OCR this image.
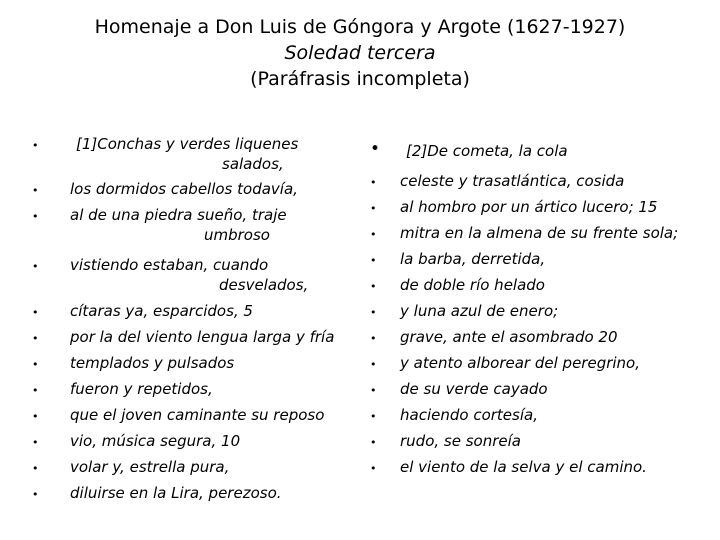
Homenaje a Don Luis de Góngora y Argote (1627-1927)
Soledad tercera
(Paráfrasis incompleta)
•	[1]Conchas y verdes liquenes
salados,
• los dormidos cabellos todavía,
• al de una piedra sueño, traje
umbroso
• vistiendo estaban, cuando
desvelados,
• cítaras ya, esparcidos, 5
• por la del viento lengua larga y fría
• templados y pulsados
• fueron y repetidos,
• que el joven caminante su reposo
• vio, música segura, 10
• volar y, estrella pura,
• diluirse en la Lira, perezoso.
• [2]De cometa, la cola
• celeste y trasatlántica, cosida
• al hombro por un ártico lucero; 15
• mitra en la almena de su frente sola;
• la barba, derretida,
• de doble río helado
• y luna azul de enero;
• grave, ante el asombrado 20
• y atento alborear del peregrino,
• de su verde cayado
• haciendo cortesía,
• rudo, se sonreía
• el viento de la selva y el camino.
